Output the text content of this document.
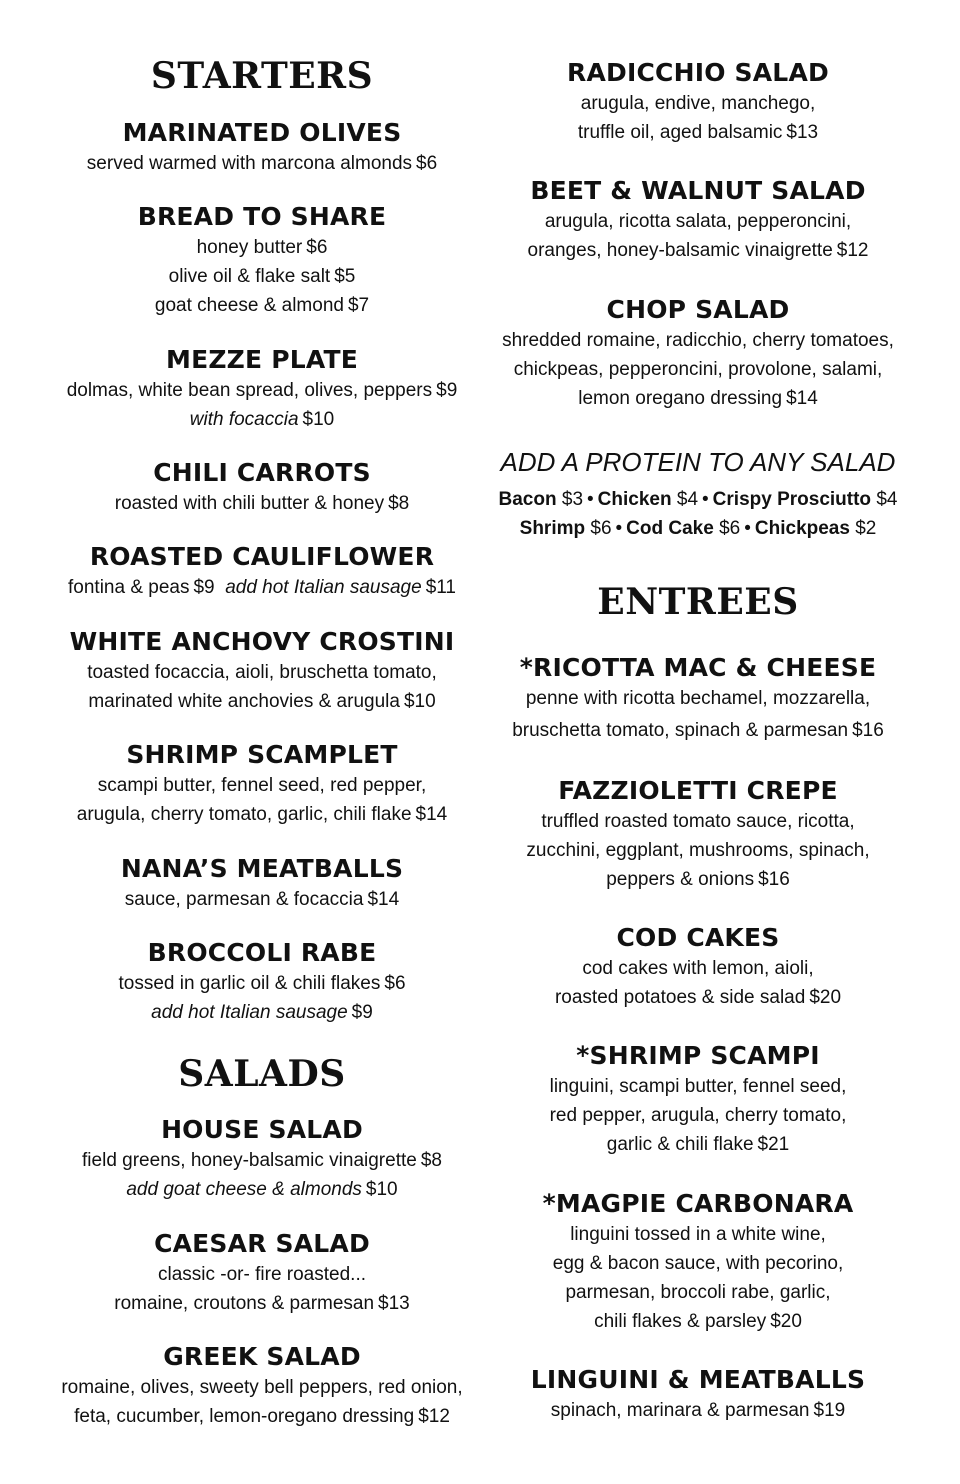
STARTERS
MARINATED OLIVES
served warmed with marcona almonds $6
BREAD TO SHARE
honey butter $6
olive oil & flake salt $5
goat cheese & almond $7
MEZZE PLATE
dolmas, white bean spread, olives, peppers $9
with focaccia $10
CHILI CARROTS
roasted with chili butter & honey $8
ROASTED CAULIFLOWER
fontina & peas $9 add hot Italian sausage $11
WHITE ANCHOVY CROSTINI
toasted focaccia, aioli, bruschetta tomato,
marinated white anchovies & arugula $10
SHRIMP SCAMPLET
scampi butter, fennel seed, red pepper,
arugula, cherry tomato, garlic, chili flake $14
NANA’S MEATBALLS
sauce, parmesan & focaccia $14
BROCCOLI RABE
tossed in garlic oil & chili flakes $6
add hot Italian sausage $9
SALADS
HOUSE SALAD
field greens, honey-balsamic vinaigrette $8
add goat cheese & almonds $10
CAESAR SALAD
classic -or- fire roasted...
romaine, croutons & parmesan $13
GREEK SALAD
romaine, olives, sweety bell peppers, red onion,
feta, cucumber, lemon-oregano dressing $12
RADICCHIO SALAD
arugula, endive, manchego,
truffle oil, aged balsamic $13
BEET & WALNUT SALAD
arugula, ricotta salata, pepperoncini,
oranges, honey-balsamic vinaigrette $12
CHOP SALAD
shredded romaine, radicchio, cherry tomatoes,
chickpeas, pepperoncini, provolone, salami,
lemon oregano dressing $14
ADD A PROTEIN TO ANY SALAD
Bacon $3 • Chicken $4 • Crispy Prosciutto $4
Shrimp $6 • Cod Cake $6 • Chickpeas $2
ENTREES
*RICOTTA MAC & CHEESE
penne with ricotta bechamel, mozzarella,
bruschetta tomato, spinach & parmesan $16
FAZZIOLETTI CREPE
truffled roasted tomato sauce, ricotta,
zucchini, eggplant, mushrooms, spinach,
peppers & onions $16
COD CAKES
cod cakes with lemon, aioli,
roasted potatoes & side salad $20
*SHRIMP SCAMPI
linguini, scampi butter, fennel seed,
red pepper, arugula, cherry tomato,
garlic & chili flake $21
*MAGPIE CARBONARA
linguini tossed in a white wine,
egg & bacon sauce, with pecorino,
parmesan, broccoli rabe, garlic,
chili flakes & parsley $20
LINGUINI & MEATBALLS
spinach, marinara & parmesan $19
